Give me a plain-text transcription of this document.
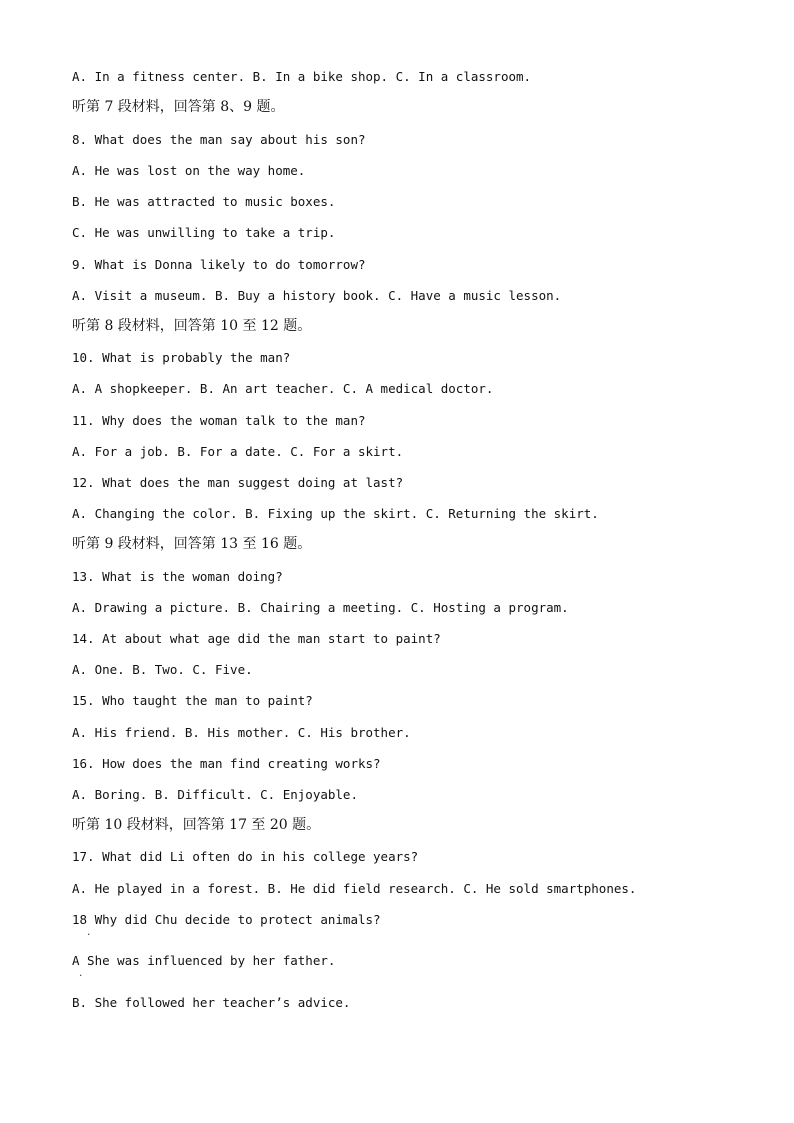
A. In a fitness center. B. In a bike shop. C. In a classroom.
听第 7 段材料，回答第 8、9 题。
8. What does the man say about his son?
A. He was lost on the way home.
B. He was attracted to music boxes.
C. He was unwilling to take a trip.
9. What is Donna likely to do tomorrow?
A. Visit a museum. B. Buy a history book. C. Have a music lesson.
听第 8 段材料，回答第 10 至 12 题。
10. What is probably the man?
A. A shopkeeper. B. An art teacher. C. A medical doctor.
11. Why does the woman talk to the man?
A. For a job. B. For a date. C. For a skirt.
12. What does the man suggest doing at last?
A. Changing the color. B. Fixing up the skirt. C. Returning the skirt.
听第 9 段材料，回答第 13 至 16 题。
13. What is the woman doing?
A. Drawing a picture. B. Chairing a meeting. C. Hosting a program.
14. At about what age did the man start to paint?
A. One. B. Two. C. Five.
15. Who taught the man to paint?
A. His friend. B. His mother. C. His brother.
16. How does the man find creating works?
A. Boring. B. Difficult. C. Enjoyable.
听第 10 段材料，回答第 17 至 20 题。
17. What did Li often do in his college years?
A. He played in a forest. B. He did field research. C. He sold smartphones.
18 Why did Chu decide to protect animals?
.
A She was influenced by her father.
.
B. She followed her teacher’s advice.
